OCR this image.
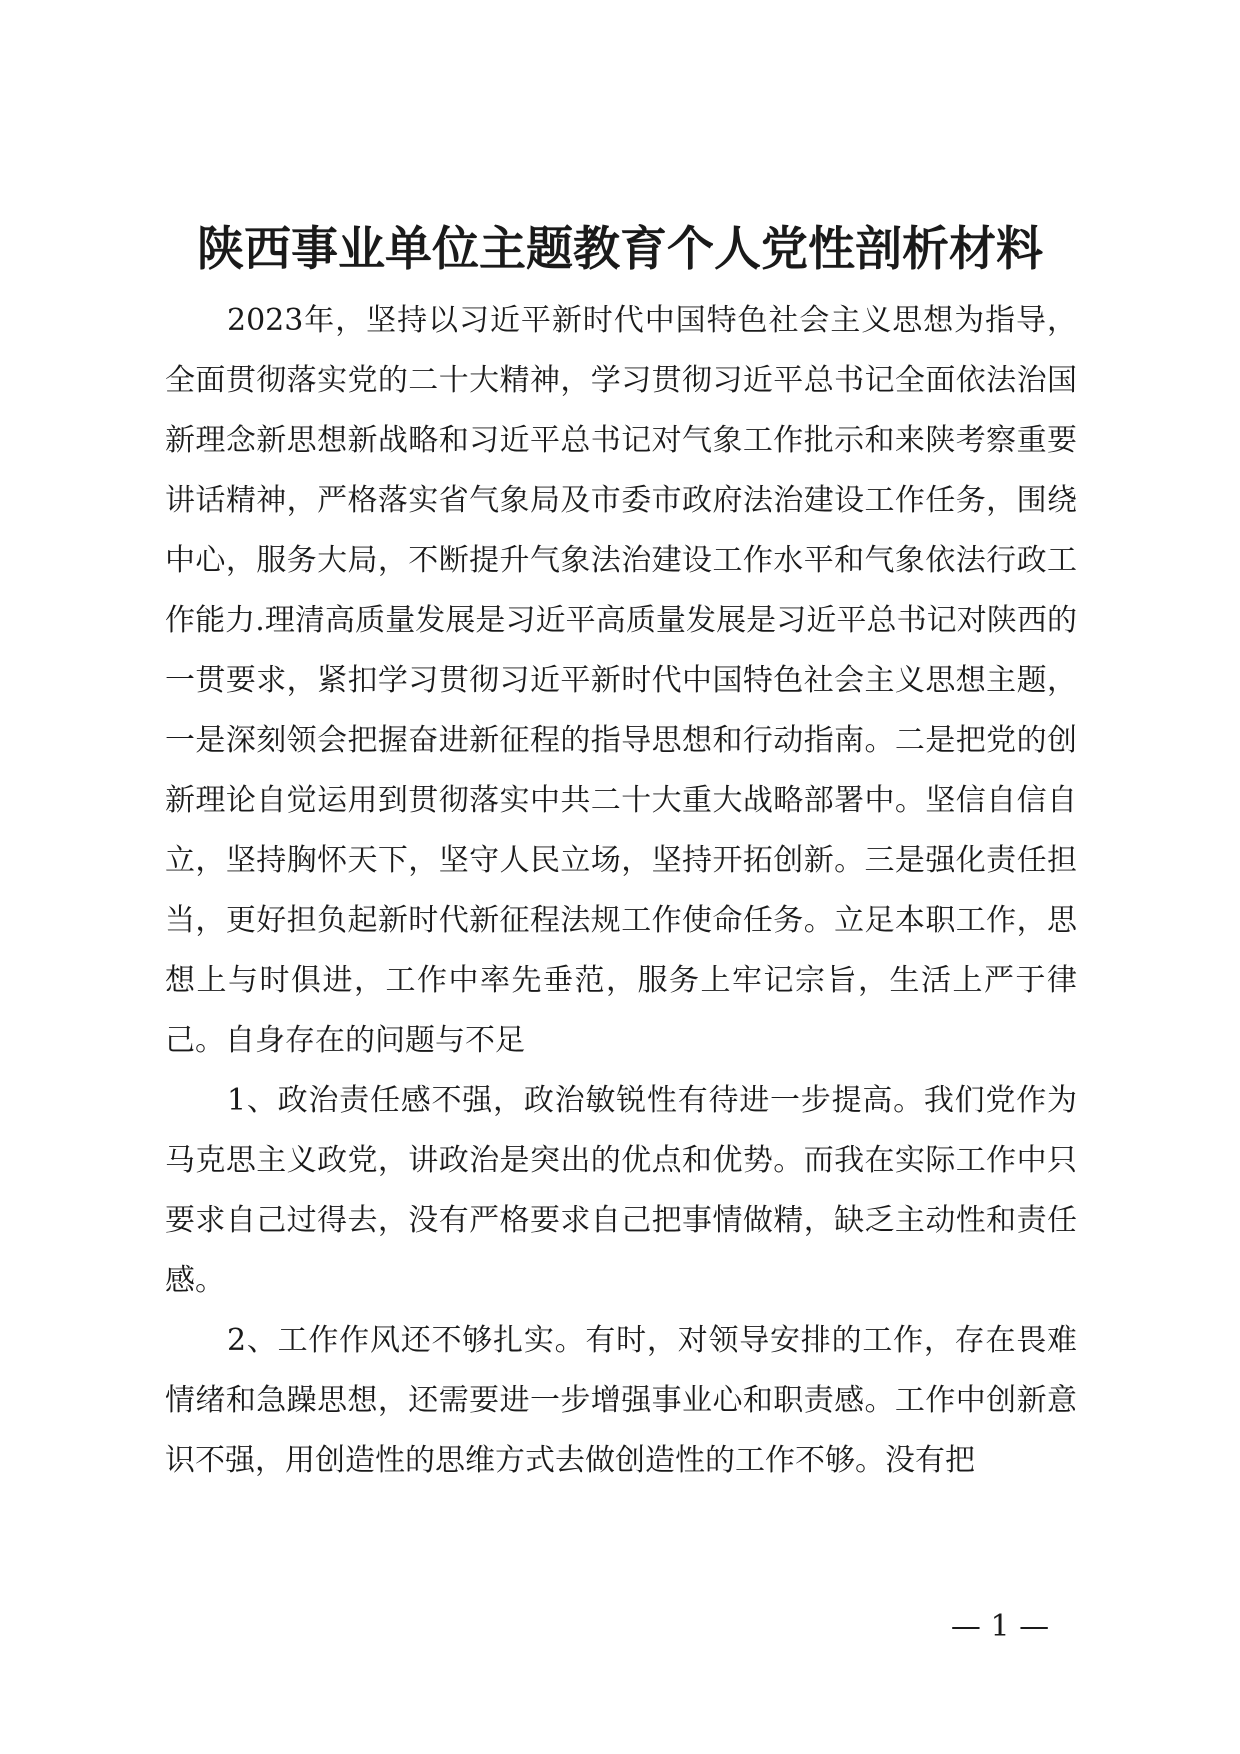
陕西事业单位主题教育个人党性剖析材料

2023年，坚持以习近平新时代中国特色社会主义思想为指导，全面贯彻落实党的二十大精神，学习贯彻习近平总书记全面依法治国新理念新思想新战略和习近平总书记对气象工作批示和来陕考察重要讲话精神，严格落实省气象局及市委市政府法治建设工作任务，围绕中心，服务大局，不断提升气象法治建设工作水平和气象依法行政工作能力.理清高质量发展是习近平高质量发展是习近平总书记对陕西的一贯要求，紧扣学习贯彻习近平新时代中国特色社会主义思想主题，一是深刻领会把握奋进新征程的指导思想和行动指南。二是把党的创新理论自觉运用到贯彻落实中共二十大重大战略部署中。坚信自信自立，坚持胸怀天下，坚守人民立场，坚持开拓创新。三是强化责任担当，更好担负起新时代新征程法规工作使命任务。立足本职工作，思想上与时俱进，工作中率先垂范，服务上牢记宗旨，生活上严于律己。自身存在的问题与不足

1、政治责任感不强，政治敏锐性有待进一步提高。我们党作为马克思主义政党，讲政治是突出的优点和优势。而我在实际工作中只要求自己过得去，没有严格要求自己把事情做精，缺乏主动性和责任感。

2、工作作风还不够扎实。有时，对领导安排的工作，存在畏难情绪和急躁思想，还需要进一步增强事业心和职责感。工作中创新意识不强，用创造性的思维方式去做创造性的工作不够。没有把

— 1 —
